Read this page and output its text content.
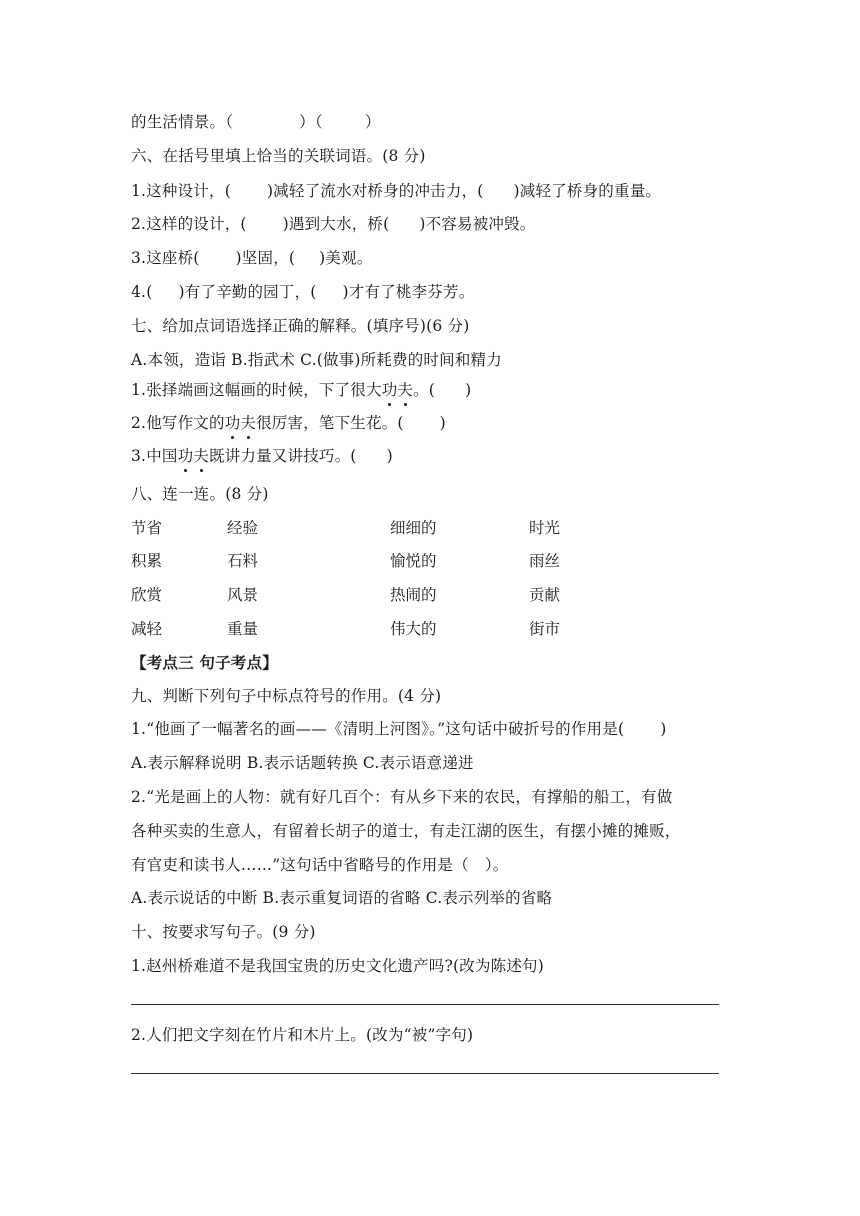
的生活情景。（	）（	）
六、在括号里填上恰当的关联词语。(8 分)
1.这种设计，( )减轻了流水对桥身的冲击力，( )减轻了桥身的重量。
2.这样的设计，( )遇到大水，桥( )不容易被冲毁。
3.这座桥( )坚固，( )美观。
4.( )有了辛勤的园丁，( )才有了桃李芬芳。
七、给加点词语选择正确的解释。(填序号)(6 分)
A.本领，造诣 B.指武术 C.(做事)所耗费的时间和精力
1.张择端画这幅画的时候，下了很大功夫。( )
2.他写作文的功夫很厉害，笔下生花。( )
3.中国功夫既讲力量又讲技巧。( )
八、连一连。(8 分)
节省	经验	细细的	时光
积累	石料	愉悦的	雨丝
欣赏	风景	热闹的	贡献
减轻	重量	伟大的	街市
【考点三 句子考点】
九、判断下列句子中标点符号的作用。(4 分)
1.“他画了一幅著名的画——《清明上河图》。”这句话中破折号的作用是( )
A.表示解释说明 B.表示话题转换 C.表示语意递进
2.“光是画上的人物：就有好几百个：有从乡下来的农民，有撑船的船工，有做
各种买卖的生意人，有留着长胡子的道士，有走江湖的医生，有摆小摊的摊贩，
有官吏和读书人……”这句话中省略号的作用是（ ）。
A.表示说话的中断 B.表示重复词语的省略 C.表示列举的省略
十、按要求写句子。(9 分)
1.赵州桥难道不是我国宝贵的历史文化遗产吗?(改为陈述句)
2.人们把文字刻在竹片和木片上。(改为“被”字句)
